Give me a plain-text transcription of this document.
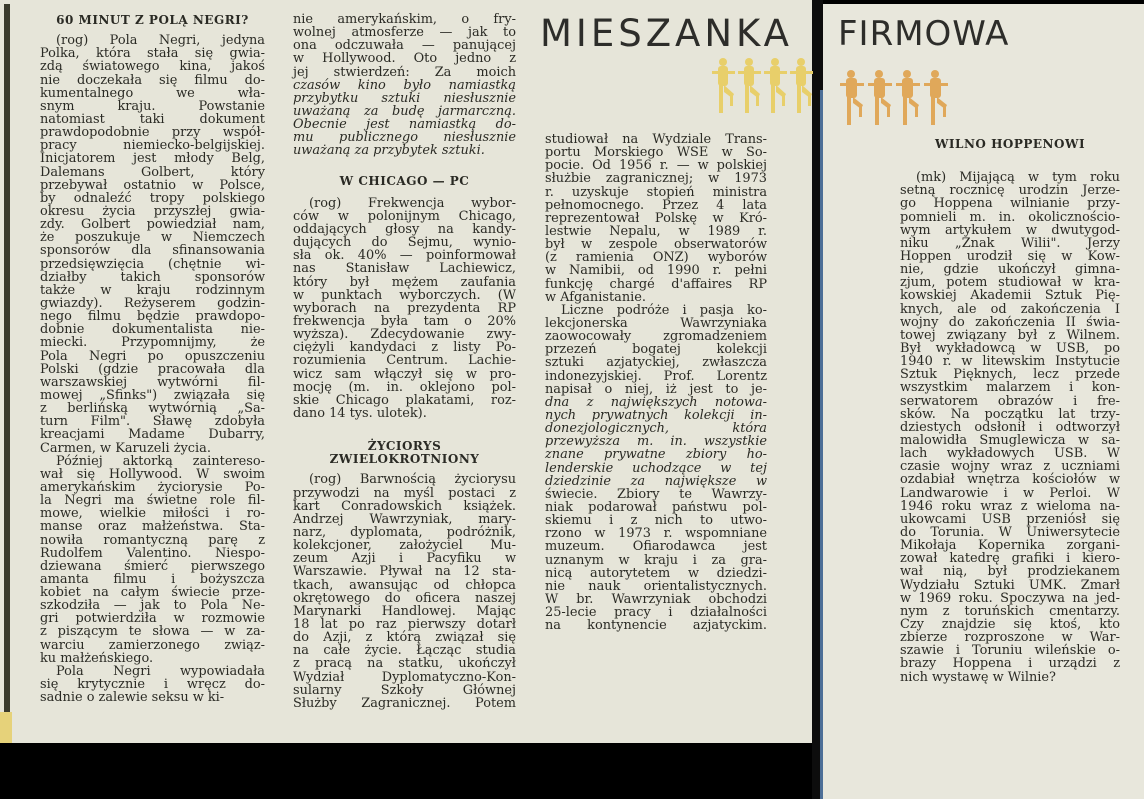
MIESZANKA FIRMOWA
60 MINUT Z POLĄ NEGRI?
(rog) Pola Negri, jedyna
Polka, która stała się gwia-
zdą światowego kina, jakoś
nie doczekała się filmu do-
kumentalnego we wła-
snym kraju. Powstanie
natomiast taki dokument
prawdopodobnie przy współ-
pracy niemiecko-belgijskiej.
Inicjatorem jest młody Belg,
Dalemans Golbert, który
przebywał ostatnio w Polsce,
by odnaleźć tropy polskiego
okresu życia przyszłej gwia-
zdy. Golbert powiedział nam,
że poszukuje w Niemczech
sponsorów dla sfinansowania
przedsięwzięcia (chętnie wi-
działby takich sponsorów
także w kraju rodzinnym
gwiazdy). Reżyserem godzin-
nego filmu będzie prawdopo-
dobnie dokumentalista nie-
miecki. Przypomnijmy, że
Pola Negri po opuszczeniu
Polski (gdzie pracowała dla
warszawskiej wytwórni fil-
mowej „Sfinks") związała się
z berlińską wytwórnią „Sa-
turn Film". Sławę zdobyła
kreacjami Madame Dubarry,
Carmen, w Karuzeli życia.
Później aktorką zaintereso-
wał się Hollywood. W swoim
amerykańskim życiorysie Po-
la Negri ma świetne role fil-
mowe, wielkie miłości i ro-
manse oraz małżeństwa. Sta-
nowiła romantyczną parę z
Rudolfem Valentino. Niespo-
dziewana śmierć pierwszego
amanta filmu i bożyszcza
kobiet na całym świecie prze-
szkodziła — jak to Pola Ne-
gri potwierdziła w rozmowie
z piszącym te słowa — w za-
warciu zamierzonego związ-
ku małżeńskiego.
Pola Negri wypowiadała
się krytycznie i wręcz do-
sadnie o zalewie seksu w ki-
nie amerykańskim, o fry-
wolnej atmosferze — jak to
ona odczuwała — panującej
w Hollywood. Oto jedno z
jej stwierdzeń: Za moich
czasów kino było namiastką
przybytku sztuki niesłusznie
uważaną za budę jarmarczną.
Obecnie jest namiastką do-
mu publicznego niesłusznie
uważaną za przybytek sztuki.
W CHICAGO — PC
(rog) Frekwencja wybor-
ców w polonijnym Chicago,
oddających głosy na kandy-
dujących do Sejmu, wynio-
sła ok. 40% — poinformował
nas Stanisław Lachiewicz,
który był mężem zaufania
w punktach wyborczych. (W
wyborach na prezydenta RP
frekwencja była tam o 20%
wyższa). Zdecydowanie zwy-
ciężyli kandydaci z listy Po-
rozumienia Centrum. Lachie-
wicz sam włączył się w pro-
mocję (m. in. oklejono pol-
skie Chicago plakatami, roz-
dano 14 tys. ulotek).
ŻYCIORYS
ZWIELOKROTNIONY
(rog) Barwnością życiorysu
przywodzi na myśl postaci z
kart Conradowskich książek.
Andrzej Wawrzyniak, mary-
narz, dyplomata, podróżnik,
kolekcjoner, założyciel Mu-
zeum Azji i Pacyfiku w
Warszawie. Pływał na 12 sta-
tkach, awansując od chłopca
okrętowego do oficera naszej
Marynarki Handlowej. Mając
18 lat po raz pierwszy dotarł
do Azji, z którą związał się
na całe życie. Łącząc studia
z pracą na statku, ukończył
Wydział Dyplomatyczno-Kon-
sularny Szkoły Głównej
Służby Zagranicznej. Potem
studiował na Wydziale Trans-
portu Morskiego WSE w So-
pocie. Od 1956 r. — w polskiej
służbie zagranicznej; w 1973
r. uzyskuje stopień ministra
pełnomocnego. Przez 4 lata
reprezentował Polskę w Kró-
lestwie Nepalu, w 1989 r.
był w zespole obserwatorów
(z ramienia ONZ) wyborów
w Namibii, od 1990 r. pełni
funkcję chargé d'affaires RP
w Afganistanie.
Liczne podróże i pasja ko-
lekcjonerska Wawrzyniaka
zaowocowały zgromadzeniem
przezeń bogatej kolekcji
sztuki azjatyckiej, zwłaszcza
indonezyjskiej. Prof. Lorentz
napisał o niej, iż jest to je-
dna z największych notowa-
nych prywatnych kolekcji in-
donezjologicznych, która
przewyższa m. in. wszystkie
znane prywatne zbiory ho-
lenderskie uchodzące w tej
dziedzinie za największe w
świecie. Zbiory te Wawrzy-
niak podarował państwu pol-
skiemu i z nich to utwo-
rzono w 1973 r. wspomniane
muzeum. Ofiarodawca jest
uznanym w kraju i za gra-
nicą autorytetem w dziedzi-
nie nauk orientalistycznych.
W br. Wawrzyniak obchodzi
25-lecie pracy i działalności
na kontynencie azjatyckim.
WILNO HOPPENOWI
(mk) Mijającą w tym roku
setną rocznicę urodzin Jerze-
go Hoppena wilnianie przy-
pomnieli m. in. okolicznościo-
wym artykułem w dwutygod-
niku „Znak Wilii". Jerzy
Hoppen urodził się w Kow-
nie, gdzie ukończył gimna-
zjum, potem studiował w kra-
kowskiej Akademii Sztuk Pię-
knych, ale od zakończenia I
wojny do zakończenia II świa-
towej związany był z Wilnem.
Był wykładowcą w USB, po
1940 r. w litewskim Instytucie
Sztuk Pięknych, lecz przede
wszystkim malarzem i kon-
serwatorem obrazów i fre-
sków. Na początku lat trzy-
dziestych odsłonił i odtworzył
malowidła Smuglewicza w sa-
lach wykładowych USB. W
czasie wojny wraz z uczniami
ozdabiał wnętrza kościołów w
Landwarowie i w Perloi. W
1946 roku wraz z wieloma na-
ukowcami USB przeniósł się
do Torunia. W Uniwersytecie
Mikołaja Kopernika zorgani-
zował katedrę grafiki i kiero-
wał nią, był prodziekanem
Wydziału Sztuki UMK. Zmarł
w 1969 roku. Spoczywa na jed-
nym z toruńskich cmentarzy.
Czy znajdzie się ktoś, kto
zbierze rozproszone w War-
szawie i Toruniu wileńskie o-
brazy Hoppena i urządzi z
nich wystawę w Wilnie?
